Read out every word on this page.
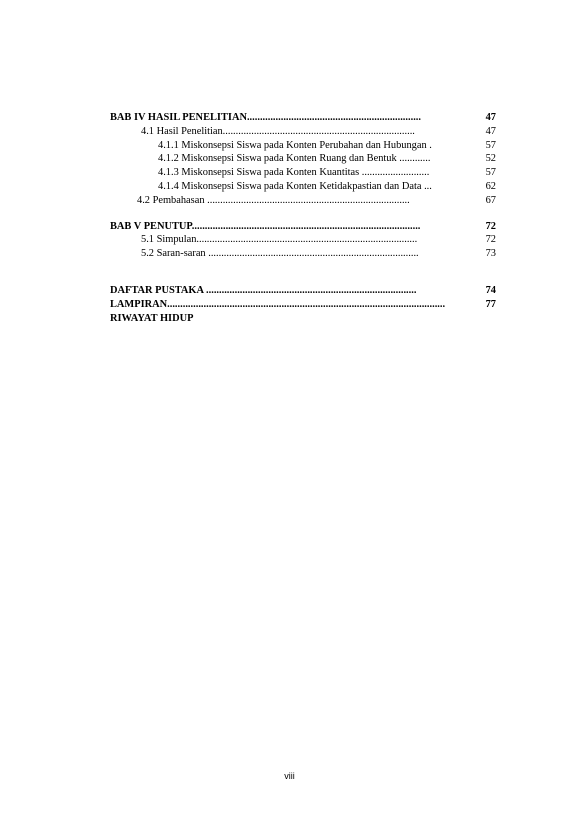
BAB IV HASIL PENELITIAN...................................................................	47
4.1 Hasil Penelitian..........................................................................	47
4.1.1 Miskonsepsi Siswa pada Konten Perubahan dan Hubungan .	57
4.1.2 Miskonsepsi Siswa pada Konten Ruang dan Bentuk ............	52
4.1.3 Miskonsepsi Siswa pada Konten Kuantitas ..........................	57
4.1.4 Miskonsepsi Siswa pada Konten Ketidakpastian dan Data ...	62
4.2 Pembahasan ..............................................................................	67
BAB V PENUTUP........................................................................................	72
5.1 Simpulan.....................................................................................	72
5.2 Saran-saran .................................................................................	73
DAFTAR PUSTAKA .................................................................................	74
LAMPIRAN...........................................................................................................	77
RIWAYAT HIDUP
viii
